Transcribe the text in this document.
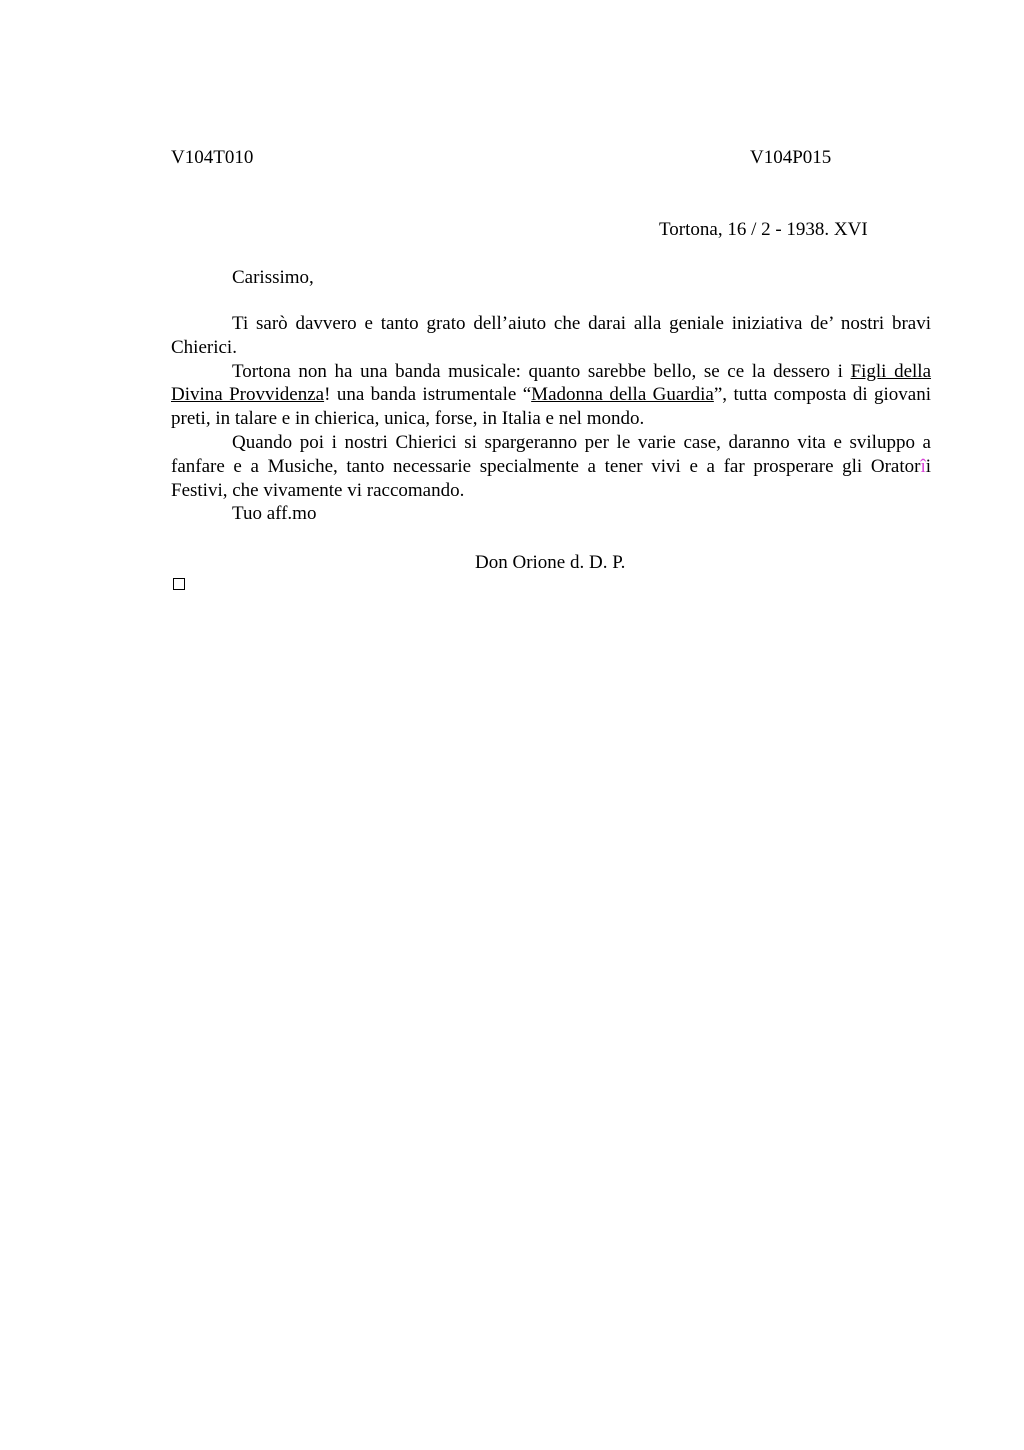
V104T010	V104P015
Tortona, 16 / 2 - 1938. XVI
Carissimo,

Ti sarò davvero e tanto grato dell’aiuto che darai alla geniale iniziativa de’ nostri bravi Chierici.

Tortona non ha una banda musicale: quanto sarebbe bello, se ce la dessero i Figli della Divina Provvidenza! una banda istrumentale “Madonna della Guardia”, tutta composta di giovani preti, in talare e in chierica, unica, forse, in Italia e nel mondo.

Quando poi i nostri Chierici si spargeranno per le varie case, daranno vita e sviluppo a fanfare e a Musiche, tanto necessarie specialmente a tener vivi e a far prosperare gli Oratorîi Festivi, che vivamente vi raccomando.

Tuo aff.mo

Don Orione d. D. P.
